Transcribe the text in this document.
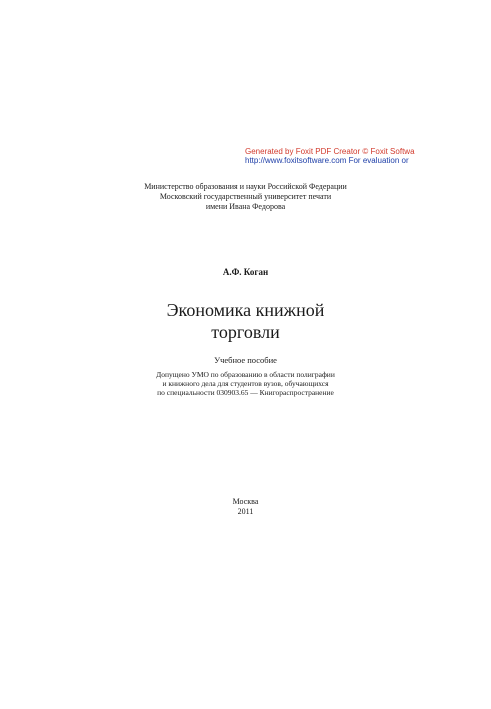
Generated by Foxit PDF Creator © Foxit Softwa
http://www.foxitsoftware.com For evaluation or
Министерство образования и науки Российской Федерации
Московский государственный университет печати
имени Ивана Федорова
А.Ф. Коган
Экономика книжной
торговли
Учебное пособие
Допущено УМО по образованию в области полиграфии
и книжного дела для студентов вузов, обучающихся
по специальности 030903.65 — Книгораспространение
Москва
2011
